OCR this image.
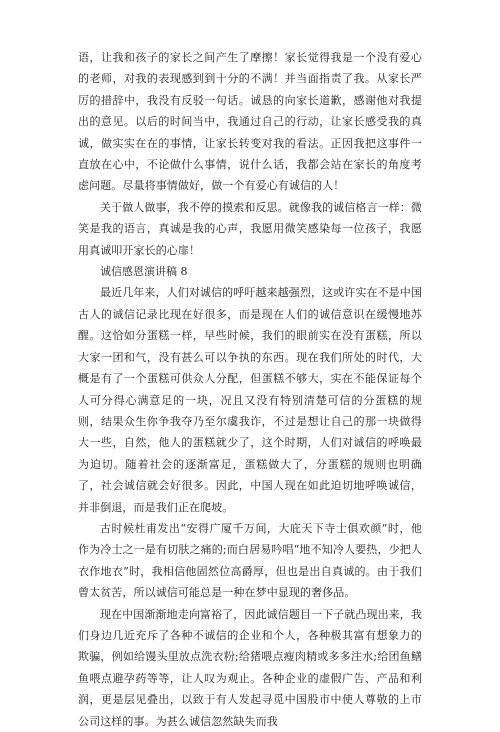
语，让我和孩子的家长之间产生了摩擦！家长觉得我是一个没有爱心的老师，对我的表现感到到十分的不满！并当面指责了我。从家长严厉的措辞中，我没有反驳一句话。诚恳的向家长道歉，感谢他对我提出的意见。以后的时间当中，我通过自己的行动，让家长感受我的真诚，做实实在在的事情，让家长转变对我的看法。正因我把这事件一直放在心中，不论做什么事情，说什么话，我都会站在家长的角度考虑问题。尽量将事情做好，做一个有爱心有诚信的人！

关于做人做事，我不停的摸索和反思。就像我的诚信格言一样：微笑是我的语言，真诚是我的心声，我愿用微笑感染每一位孩子，我愿用真诚叩开家长的心扉！

诚信感恩演讲稿 8

最近几年来，人们对诚信的呼吁越来越强烈，这或许实在不是中国古人的诚信记录比现在好很多，而是现在人们的诚信意识在缓慢地苏醒。这恰如分蛋糕一样，早些时候，我们的眼前实在没有蛋糕，所以大家一团和气，没有甚么可以争执的东西。现在我们所处的时代，大概是有了一个蛋糕可供众人分配，但蛋糕不够大，实在不能保证每个人可分得心满意足的一块，况且又没有特别清楚可信的分蛋糕的规则，结果众生你争我夺乃至尔虞我诈，不过是想让自己的那一块做得大一些，自然，他人的蛋糕就少了，这个时期，人们对诚信的呼唤最为迫切。随着社会的逐渐富足，蛋糕做大了，分蛋糕的规则也明确了，社会诚信就会好很多。因此，中国人现在如此迫切地呼唤诚信，并非倒退，而是我们正在爬坡。

古时候杜甫发出“安得广厦千万间，大庇天下寺士俱欢颜”时，他作为冷士之一是有切肤之痛的;而白居易吟唱“地不知冷人要热，少把人衣作地衣”时，我相信他固然位高爵厚，但也是出自真诚的。由于我们曾太贫苦，所以诚信可能总是一种在梦中显现的奢侈品。

现在中国渐渐地走向富裕了，因此诚信题目一下子就凸现出来，我们身边几近充斥了各种不诚信的企业和个人，各种极其富有想象力的欺骗，例如给馒头里放点洗衣粉;给猪喂点瘦肉精或多多注水;给团鱼鳝鱼喂点避孕药等等，让人叹为观止。各种企业的虚假广告、产品和利润，更是层见叠出，以致于有人发起寻觅中国股市中使人尊敬的上市公司这样的事。为甚么诚信忽然缺失而我
